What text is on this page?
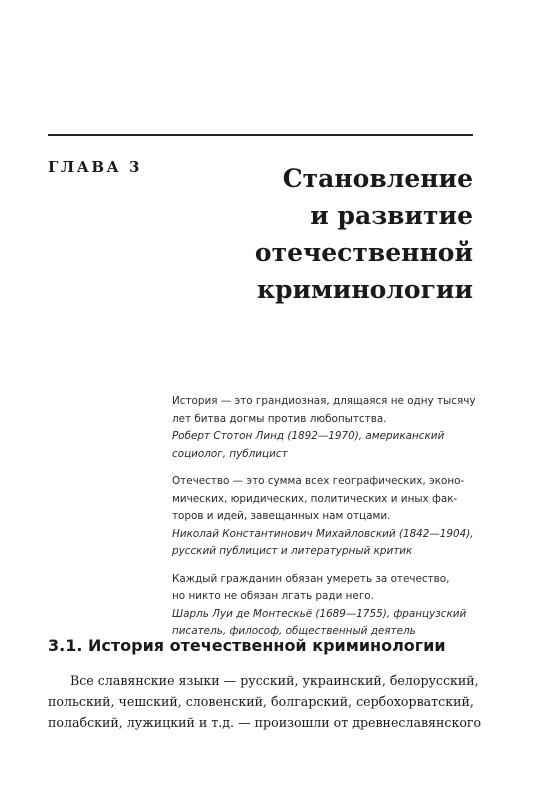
ГЛАВА 3	Становление
и развитие
отечественной
криминологии
История — это грандиозная, длящаяся не одну тысячу
лет битва догмы против любопытства.
Роберт Стотон Линд (1892—1970), американский
социолог, публицист
Отечество — это сумма всех географических, эконо-
мических, юридических, политических и иных фак-
торов и идей, завещанных нам отцами.
Николай Константинович Михайловский (1842—1904),
русский публицист и литературный критик
Каждый гражданин обязан умереть за отечество,
но никто не обязан лгать ради него.
Шарль Луи де Монтескьё (1689—1755), французский
писатель, философ, общественный деятель
3.1. История отечественной криминологии
Все славянские языки — русский, украинский, белорусский,
польский, чешский, словенский, болгарский, сербохорватский,
полабский, лужицкий и т.д. — произошли от древнеславянского
